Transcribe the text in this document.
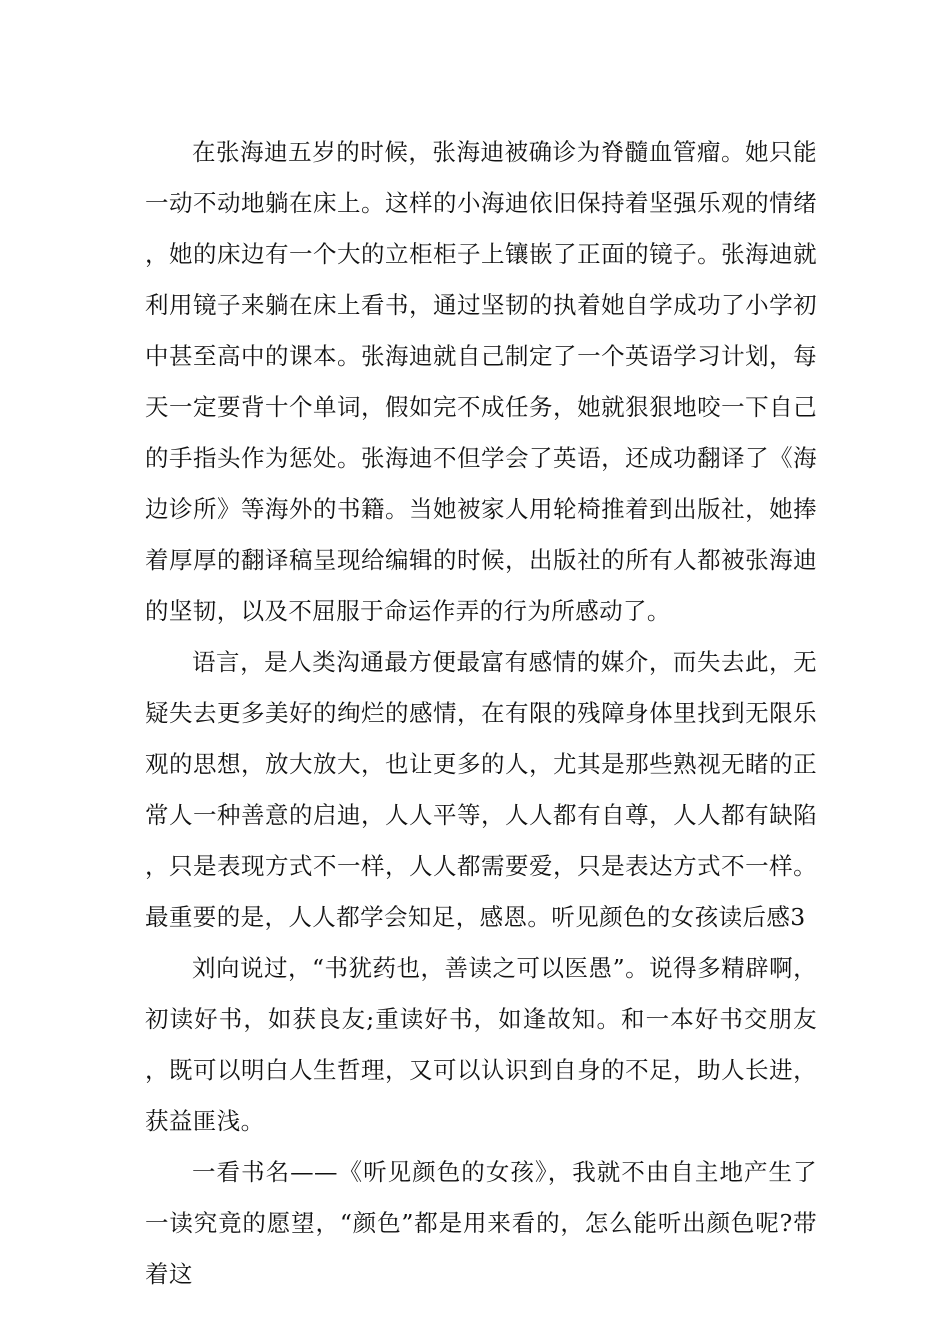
在张海迪五岁的时候，张海迪被确诊为脊髓血管瘤。她只能一动不动地躺在床上。这样的小海迪依旧保持着坚强乐观的情绪，她的床边有一个大的立柜柜子上镶嵌了正面的镜子。张海迪就利用镜子来躺在床上看书，通过坚韧的执着她自学成功了小学初中甚至高中的课本。张海迪就自己制定了一个英语学习计划，每天一定要背十个单词，假如完不成任务，她就狠狠地咬一下自己的手指头作为惩处。张海迪不但学会了英语，还成功翻译了《海边诊所》等海外的书籍。当她被家人用轮椅推着到出版社，她捧着厚厚的翻译稿呈现给编辑的时候，出版社的所有人都被张海迪的坚韧，以及不屈服于命运作弄的行为所感动了。

语言，是人类沟通最方便最富有感情的媒介，而失去此，无疑失去更多美好的绚烂的感情，在有限的残障身体里找到无限乐观的思想，放大放大，也让更多的人，尤其是那些熟视无睹的正常人一种善意的启迪，人人平等，人人都有自尊，人人都有缺陷，只是表现方式不一样，人人都需要爱，只是表达方式不一样。最重要的是，人人都学会知足，感恩。听见颜色的女孩读后感3

刘向说过，“书犹药也，善读之可以医愚”。说得多精辟啊，初读好书，如获良友;重读好书，如逢故知。和一本好书交朋友，既可以明白人生哲理，又可以认识到自身的不足，助人长进，获益匪浅。

一看书名——《听见颜色的女孩》，我就不由自主地产生了一读究竟的愿望，“颜色”都是用来看的，怎么能听出颜色呢?带着这
